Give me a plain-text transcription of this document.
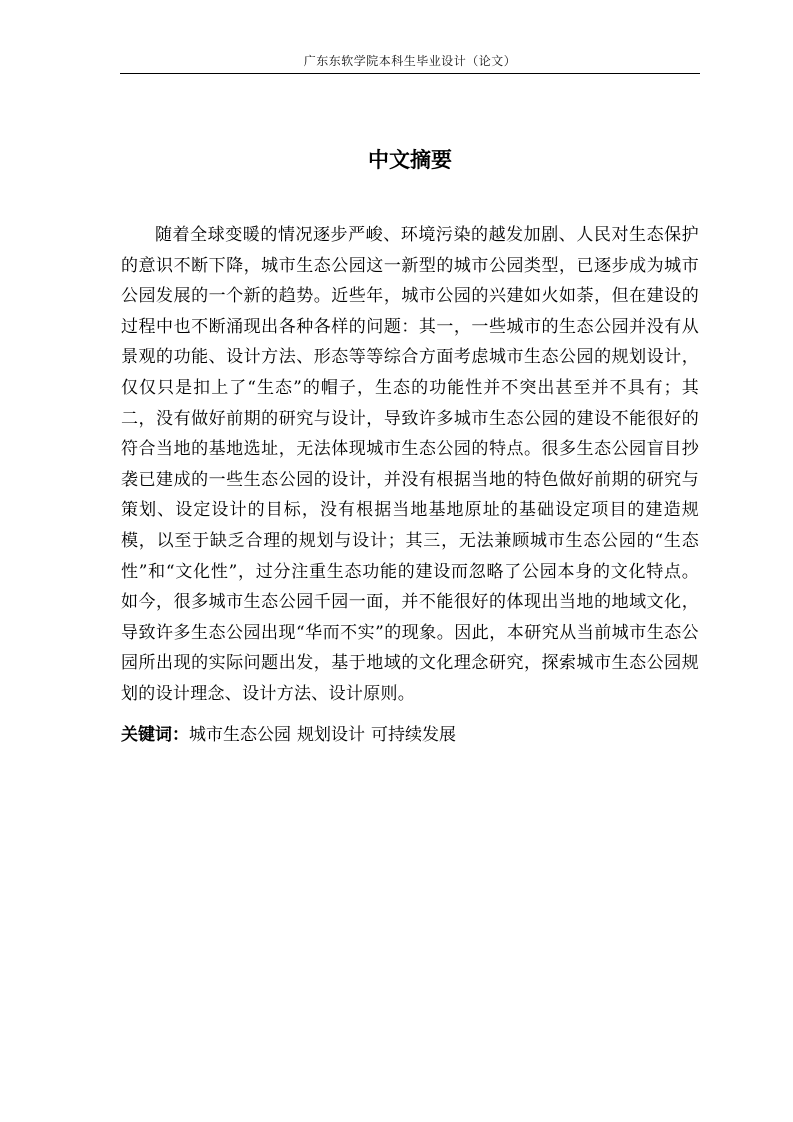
广东东软学院本科生毕业设计（论文）
中文摘要

随着全球变暖的情况逐步严峻、环境污染的越发加剧、人民对生态保护的意识不断下降，城市生态公园这一新型的城市公园类型，已逐步成为城市公园发展的一个新的趋势。近些年，城市公园的兴建如火如荼，但在建设的过程中也不断涌现出各种各样的问题：其一，一些城市的生态公园并没有从景观的功能、设计方法、形态等等综合方面考虑城市生态公园的规划设计，仅仅只是扣上了“生态”的帽子，生态的功能性并不突出甚至并不具有；其二，没有做好前期的研究与设计，导致许多城市生态公园的建设不能很好的符合当地的基地选址，无法体现城市生态公园的特点。很多生态公园盲目抄袭已建成的一些生态公园的设计，并没有根据当地的特色做好前期的研究与策划、设定设计的目标，没有根据当地基地原址的基础设定项目的建造规模，以至于缺乏合理的规划与设计；其三，无法兼顾城市生态公园的“生态性”和“文化性”，过分注重生态功能的建设而忽略了公园本身的文化特点。如今，很多城市生态公园千园一面，并不能很好的体现出当地的地域文化，导致许多生态公园出现“华而不实”的现象。因此，本研究从当前城市生态公园所出现的实际问题出发，基于地域的文化理念研究，探索城市生态公园规划的设计理念、设计方法、设计原则。

关键词：城市生态公园 规划设计 可持续发展
